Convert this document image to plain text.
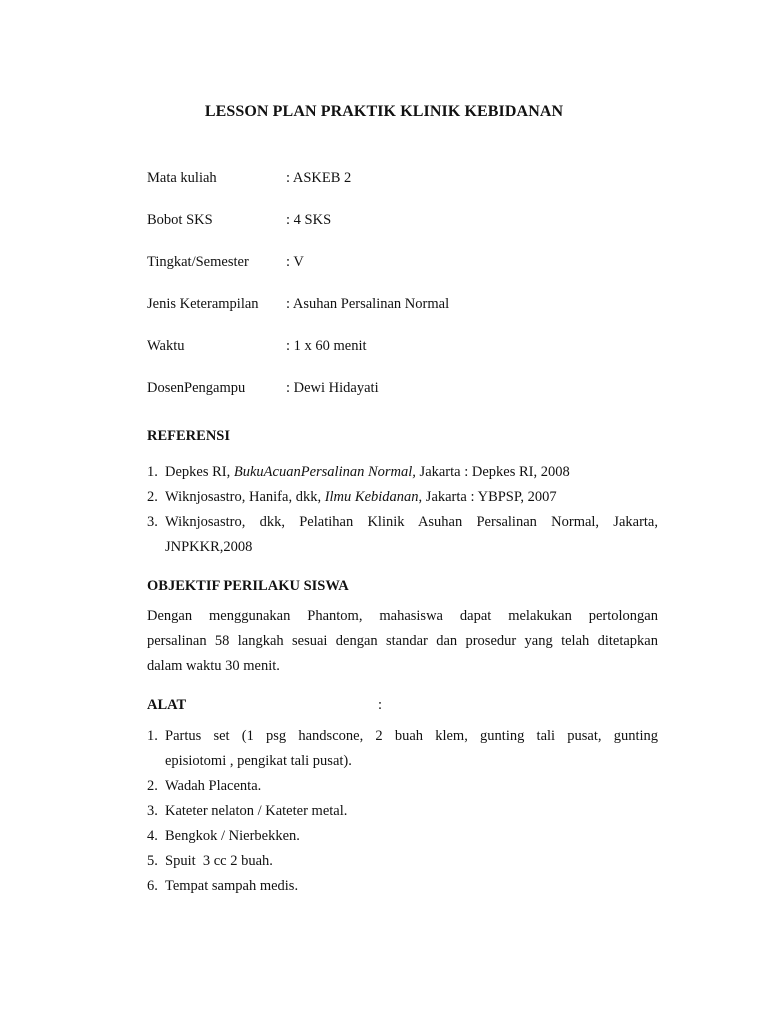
LESSON PLAN PRAKTIK KLINIK KEBIDANAN
Mata kuliah	: ASKEB 2
Bobot SKS	: 4 SKS
Tingkat/Semester	: V
Jenis Keterampilan : Asuhan Persalinan Normal
Waktu	: 1 x 60 menit
DosenPengampu	: Dewi Hidayati
REFERENSI
1. Depkes RI, BukuAcuanPersalinan Normal, Jakarta : Depkes RI, 2008
2. Wiknjosastro, Hanifa, dkk, Ilmu Kebidanan, Jakarta : YBPSP, 2007
3. Wiknjosastro, dkk, Pelatihan Klinik Asuhan Persalinan Normal, Jakarta,
JNPKKR,2008
OBJEKTIF PERILAKU SISWA
Dengan menggunakan Phantom, mahasiswa dapat melakukan pertolongan
persalinan 58 langkah sesuai dengan standar dan prosedur yang telah ditetapkan
dalam waktu 30 menit.
ALAT	:
1. Partus set (1 psg handscone, 2 buah klem, gunting tali pusat, gunting
episiotomi , pengikat tali pusat).
2. Wadah Placenta.
3. Kateter nelaton / Kateter metal.
4. Bengkok / Nierbekken.
5. Spuit  3 cc 2 buah.
6. Tempat sampah medis.
